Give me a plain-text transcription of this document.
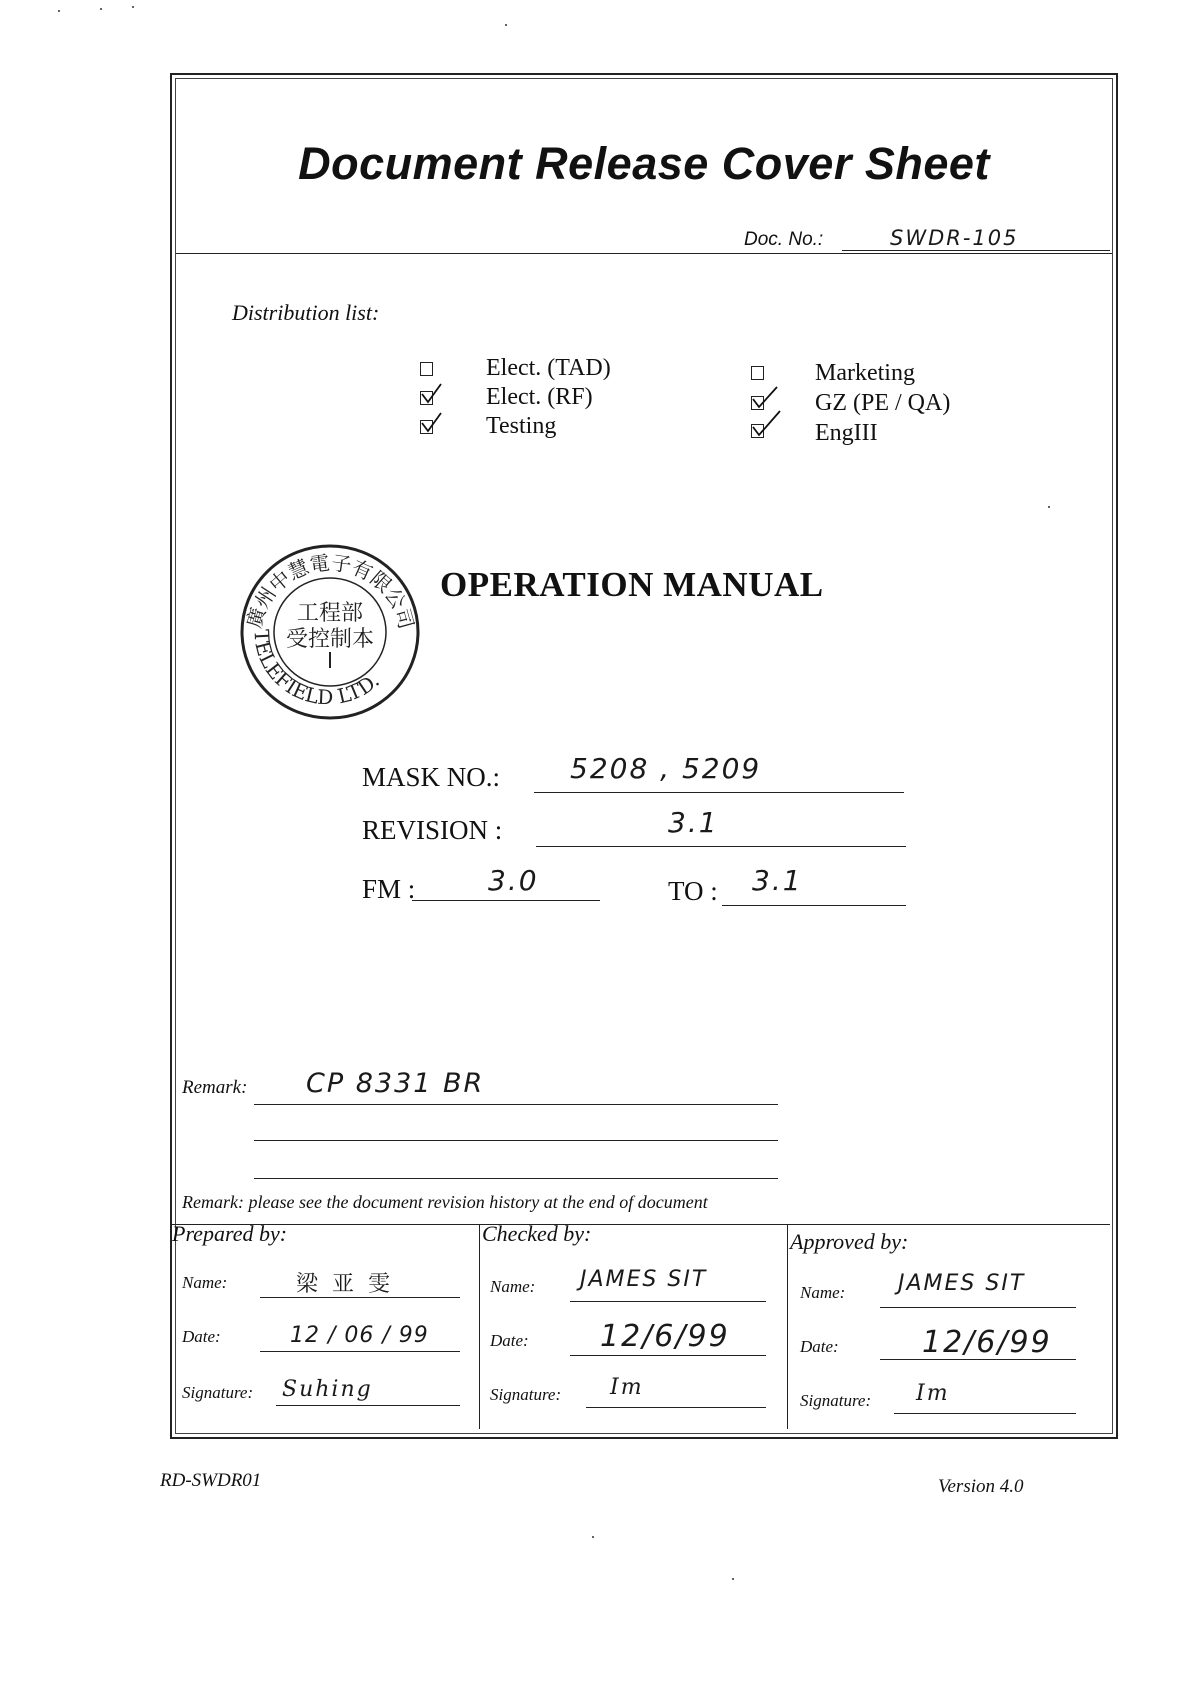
Document Release Cover Sheet
Doc. No.:	SWDR-105
Distribution list:
Elect. (TAD)
Elect. (RF)
Testing
Marketing
GZ (PE / QA)
EngIII
廣州中慧電子有限公司
TELEFIELD LTD.
工程部
受控制本
OPERATION MANUAL
MASK NO.: 5208 , 5209
REVISION :	3.1
FM :	3.0	TO : 3.1
Remark: CP 8331 BR
Remark: please see the document revision history at the end of document
Prepared by:
Name:	梁亚雯
Date:	12 / 06 / 99
Signature: Suhing
Checked by:
Name: JAMES SIT
Date: 12/6/99
Signature: Im
Approved by:
Name: JAMES SIT
Date:	12/6/99
Signature: Im
RD-SWDR01	Version 4.0
